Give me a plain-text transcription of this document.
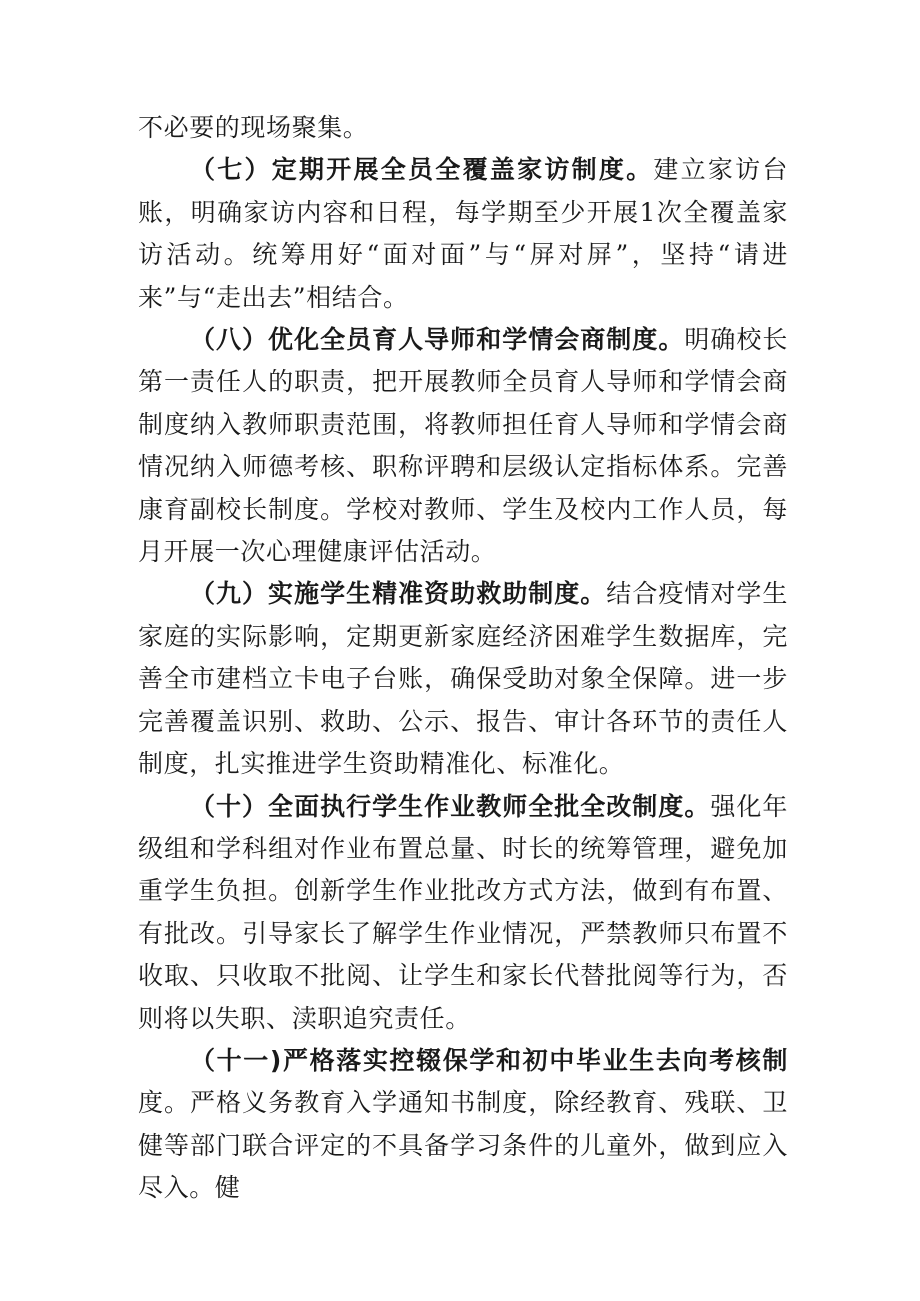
不必要的现场聚集。

（七）定期开展全员全覆盖家访制度。建立家访台账，明确家访内容和日程，每学期至少开展1次全覆盖家访活动。统筹用好“面对面”与“屏对屏”，坚持“请进来”与“走出去”相结合。

（八）优化全员育人导师和学情会商制度。明确校长第一责任人的职责，把开展教师全员育人导师和学情会商制度纳入教师职责范围，将教师担任育人导师和学情会商情况纳入师德考核、职称评聘和层级认定指标体系。完善康育副校长制度。学校对教师、学生及校内工作人员，每月开展一次心理健康评估活动。

（九）实施学生精准资助救助制度。结合疫情对学生家庭的实际影响，定期更新家庭经济困难学生数据库，完善全市建档立卡电子台账，确保受助对象全保障。进一步完善覆盖识别、救助、公示、报告、审计各环节的责任人制度，扎实推进学生资助精准化、标准化。

（十）全面执行学生作业教师全批全改制度。强化年级组和学科组对作业布置总量、时长的统筹管理，避免加重学生负担。创新学生作业批改方式方法，做到有布置、有批改。引导家长了解学生作业情况，严禁教师只布置不收取、只收取不批阅、让学生和家长代替批阅等行为，否则将以失职、渎职追究责任。

（十一)严格落实控辍保学和初中毕业生去向考核制度。严格义务教育入学通知书制度，除经教育、残联、卫健等部门联合评定的不具备学习条件的儿童外，做到应入尽入。健
